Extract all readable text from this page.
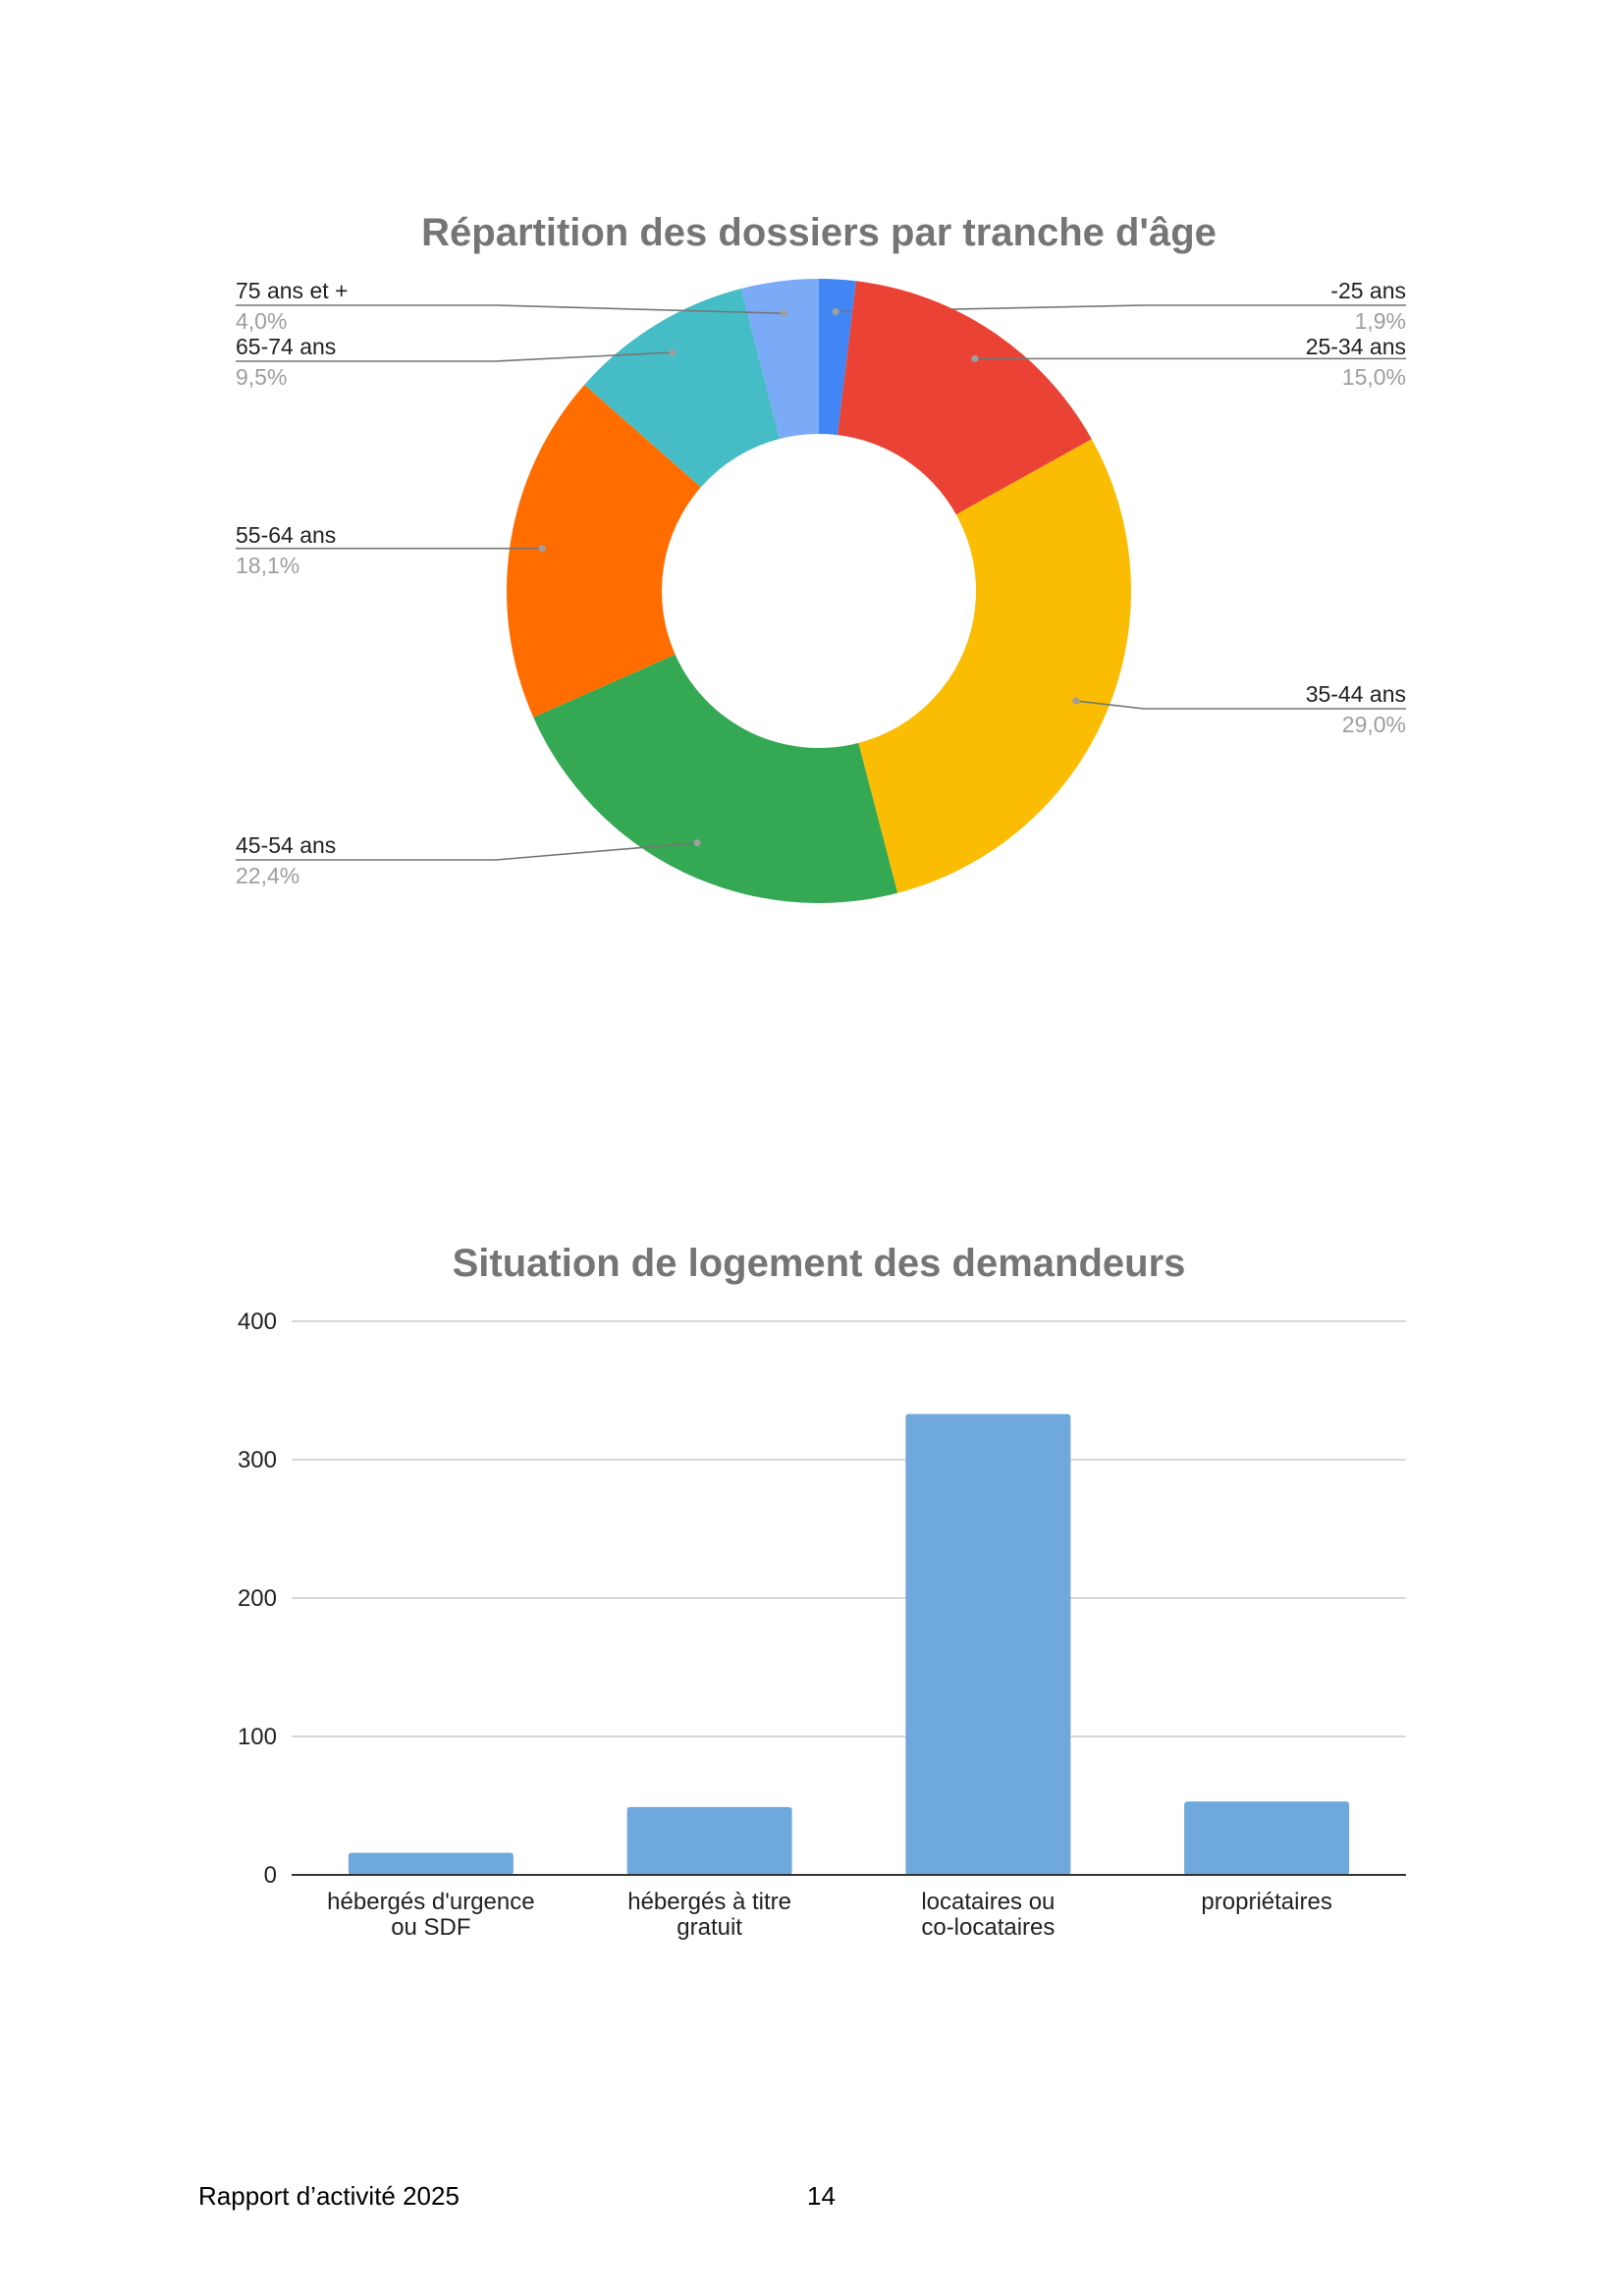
Répartition des dossiers par tranche d'âge
-25 ans
1,9%
25-34 ans
15,0%
35-44 ans
29,0%
45-54 ans
22,4%
55-64 ans
18,1%
65-74 ans
9,5%
75 ans et +
4,0%
Situation de logement des demandeurs
0
100
200
300
400
hébergés d'urgence
ou SDF
hébergés à titre
gratuit
locataires ou
co-locataires
propriétaires

Rapport d’activité 2025	14
